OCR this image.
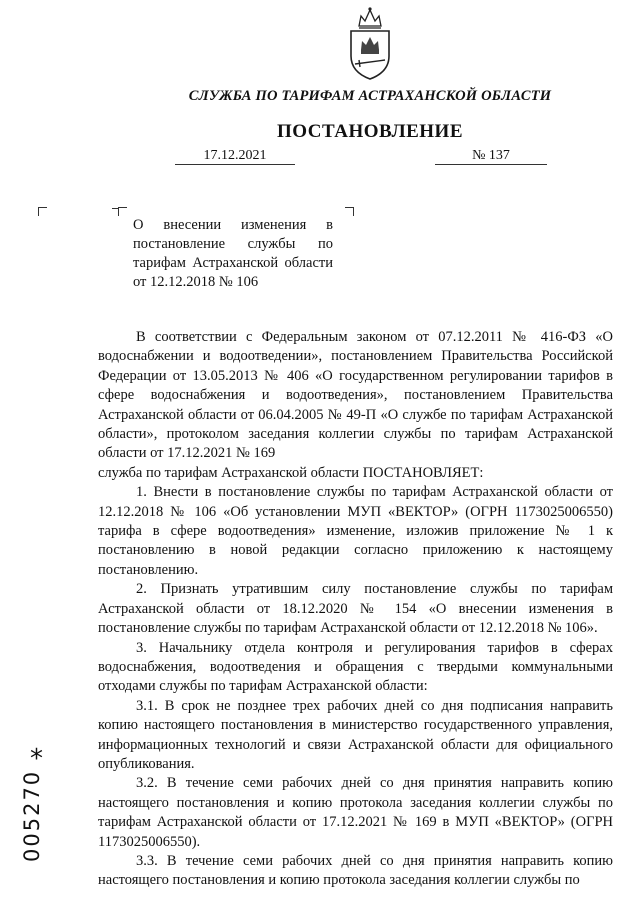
СЛУЖБА ПО ТАРИФАМ АСТРАХАНСКОЙ ОБЛАСТИ
ПОСТАНОВЛЕНИЕ
17.12.2021	№ 137
О внесении изменения в постановление службы по тарифам Астраханской области от 12.12.2018 № 106

В соответствии с Федеральным законом от 07.12.2011 № 416-ФЗ «О водоснабжении и водоотведении», постановлением Правительства Российской Федерации от 13.05.2013 № 406 «О государственном регулировании тарифов в сфере водоснабжения и водоотведения», постановлением Правительства Астраханской области от 06.04.2005 № 49-П «О службе по тарифам Астраханской области», протоколом заседания коллегии службы по тарифам Астраханской области от 17.12.2021 № 169

служба по тарифам Астраханской области ПОСТАНОВЛЯЕТ:

1. Внести в постановление службы по тарифам Астраханской области от 12.12.2018 № 106 «Об установлении МУП «ВЕКТОР» (ОГРН 1173025006550) тарифа в сфере водоотведения» изменение, изложив приложение № 1 к постановлению в новой редакции согласно приложению к настоящему постановлению.

2. Признать утратившим силу постановление службы по тарифам Астраханской области от 18.12.2020 № 154 «О внесении изменения в постановление службы по тарифам Астраханской области от 12.12.2018 № 106».

3. Начальнику отдела контроля и регулирования тарифов в сферах водоснабжения, водоотведения и обращения с твердыми коммунальными отходами службы по тарифам Астраханской области:

3.1. В срок не позднее трех рабочих дней со дня подписания направить копию настоящего постановления в министерство государственного управления, информационных технологий и связи Астраханской области для официального опубликования.

3.2. В течение семи рабочих дней со дня принятия направить копию настоящего постановления и копию протокола заседания коллегии службы по тарифам Астраханской области от 17.12.2021 № 169 в МУП «ВЕКТОР» (ОГРН 1173025006550).

3.3. В течение семи рабочих дней со дня принятия направить копию настоящего постановления и копию протокола заседания коллегии службы по

*
005270
